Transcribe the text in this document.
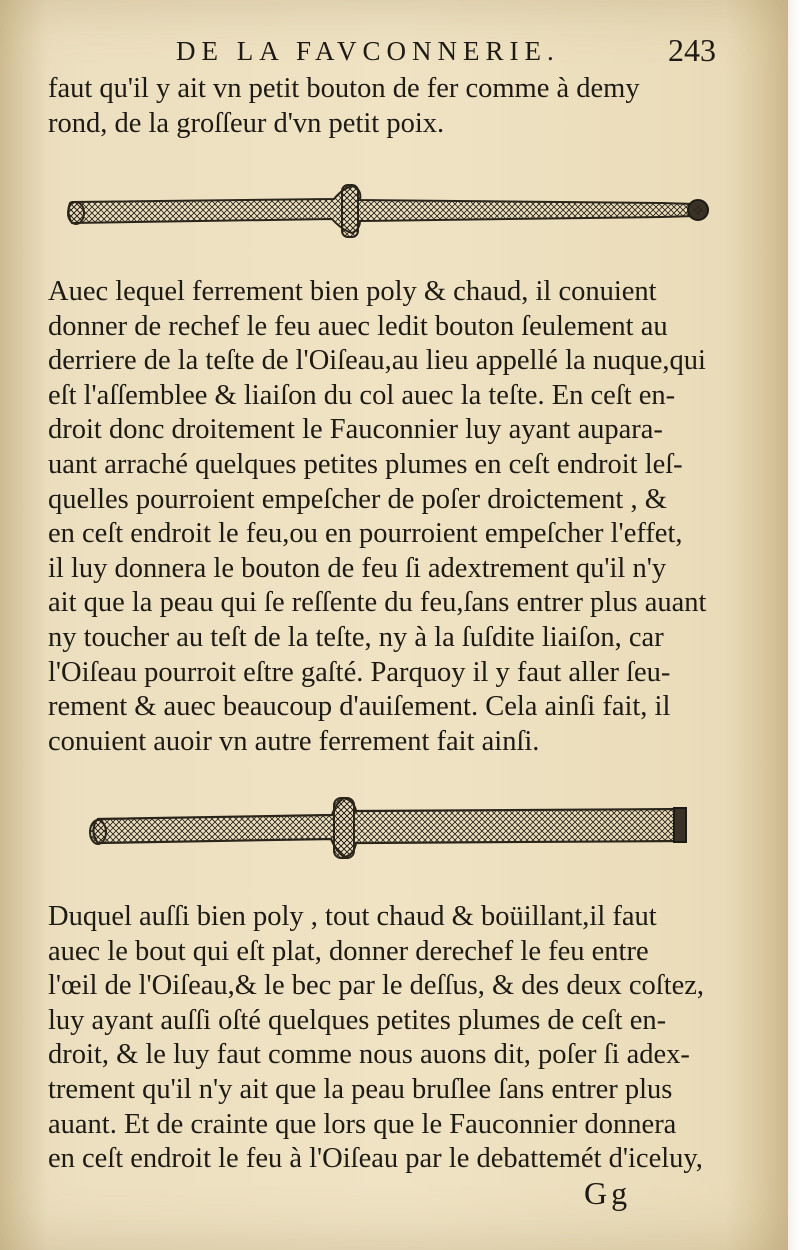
DE LA FAVCONNERIE.	243
faut qu'il y ait vn petit bouton de fer comme à demy
rond, de la groſſeur d'vn petit poix.
Auec lequel ferrement bien poly & chaud, il conuient
donner de rechef le feu auec ledit bouton ſeulement au
derriere de la teſte de l'Oiſeau,au lieu appellé la nuque,qui
eſt l'aſſemblee & liaiſon du col auec la teſte. En ceſt en-
droit donc droitement le Fauconnier luy ayant aupara-
uant arraché quelques petites plumes en ceſt endroit leſ-
quelles pourroient empeſcher de poſer droictement , &
en ceſt endroit le feu,ou en pourroient empeſcher l'effet,
il luy donnera le bouton de feu ſi adextrement qu'il n'y
ait que la peau qui ſe reſſente du feu,ſans entrer plus auant
ny toucher au teſt de la teſte, ny à la ſuſdite liaiſon, car
l'Oiſeau pourroit eſtre gaſté. Parquoy il y faut aller ſeu-
rement & auec beaucoup d'auiſement. Cela ainſi fait, il
conuient auoir vn autre ferrement fait ainſi.
Duquel auſſi bien poly , tout chaud & boüillant,il faut
auec le bout qui eſt plat, donner derechef le feu entre
l'œil de l'Oiſeau,& le bec par le deſſus, & des deux coſtez,
luy ayant auſſi oſté quelques petites plumes de ceſt en-
droit, & le luy faut comme nous auons dit, poſer ſi adex-
trement qu'il n'y ait que la peau bruſlee ſans entrer plus
auant. Et de crainte que lors que le Fauconnier donnera
en ceſt endroit le feu à l'Oiſeau par le debattemét d'iceluy,
Gg
